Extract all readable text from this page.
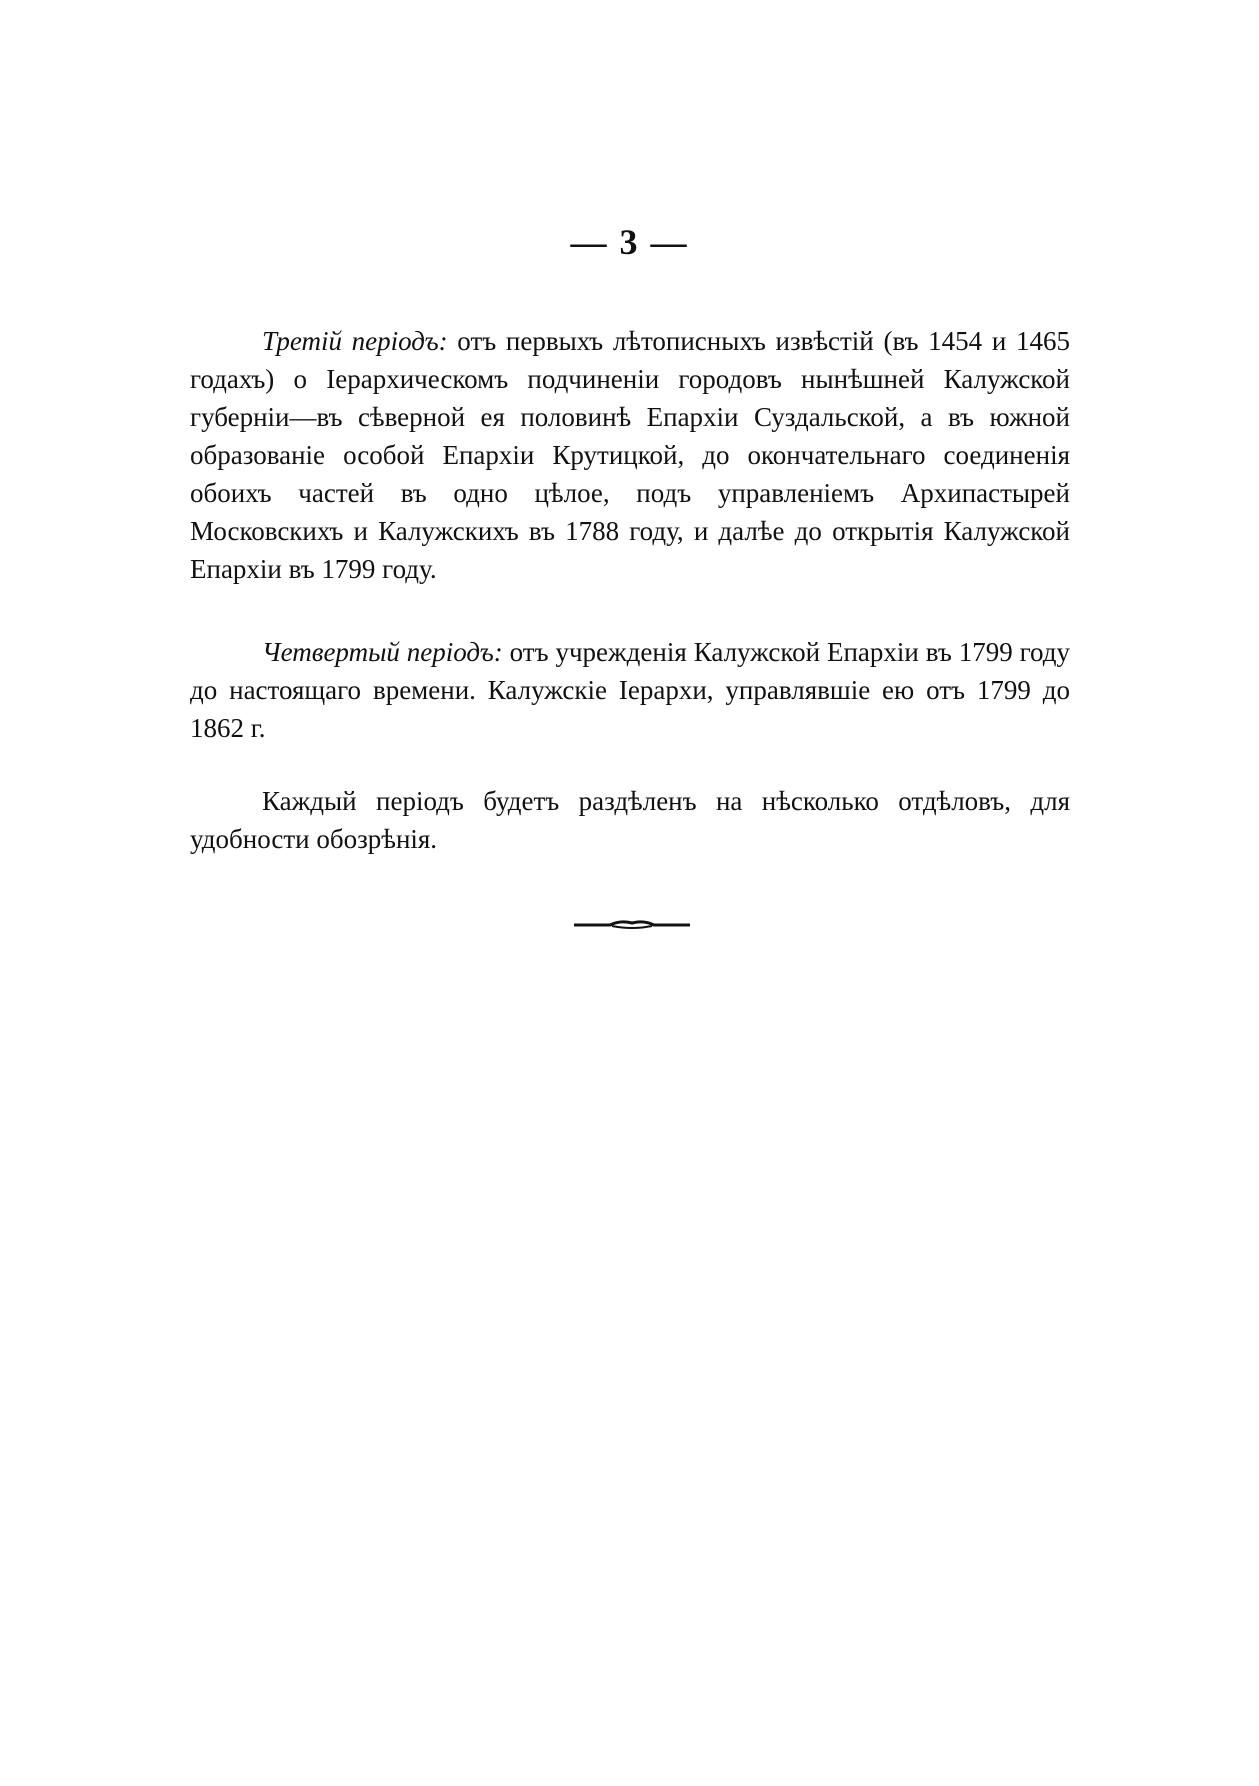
— 3 —

Третій періодъ: отъ первыхъ лѣтописныхъ извѣстій (въ 1454 и 1465 годахъ) о Іерархическомъ подчиненіи городовъ нынѣшней Калужской губерніи—въ сѣверной ея половинѣ Епархіи Суздальской, а въ южной образованіе особой Епархіи Крутицкой, до окончательнаго соединенія обоихъ частей въ одно цѣлое, подъ управленіемъ Архипастырей Московскихъ и Калужскихъ въ 1788 году, и далѣе до открытія Калужской Епархіи въ 1799 году.

Четвертый періодъ: отъ учрежденія Калужской Епархіи въ 1799 году до настоящаго времени. Калужскіе Іерархи, управлявшіе ею отъ 1799 до 1862 г.

Каждый періодъ будетъ раздѣленъ на нѣсколько отдѣловъ, для удобности обозрѣнія.
